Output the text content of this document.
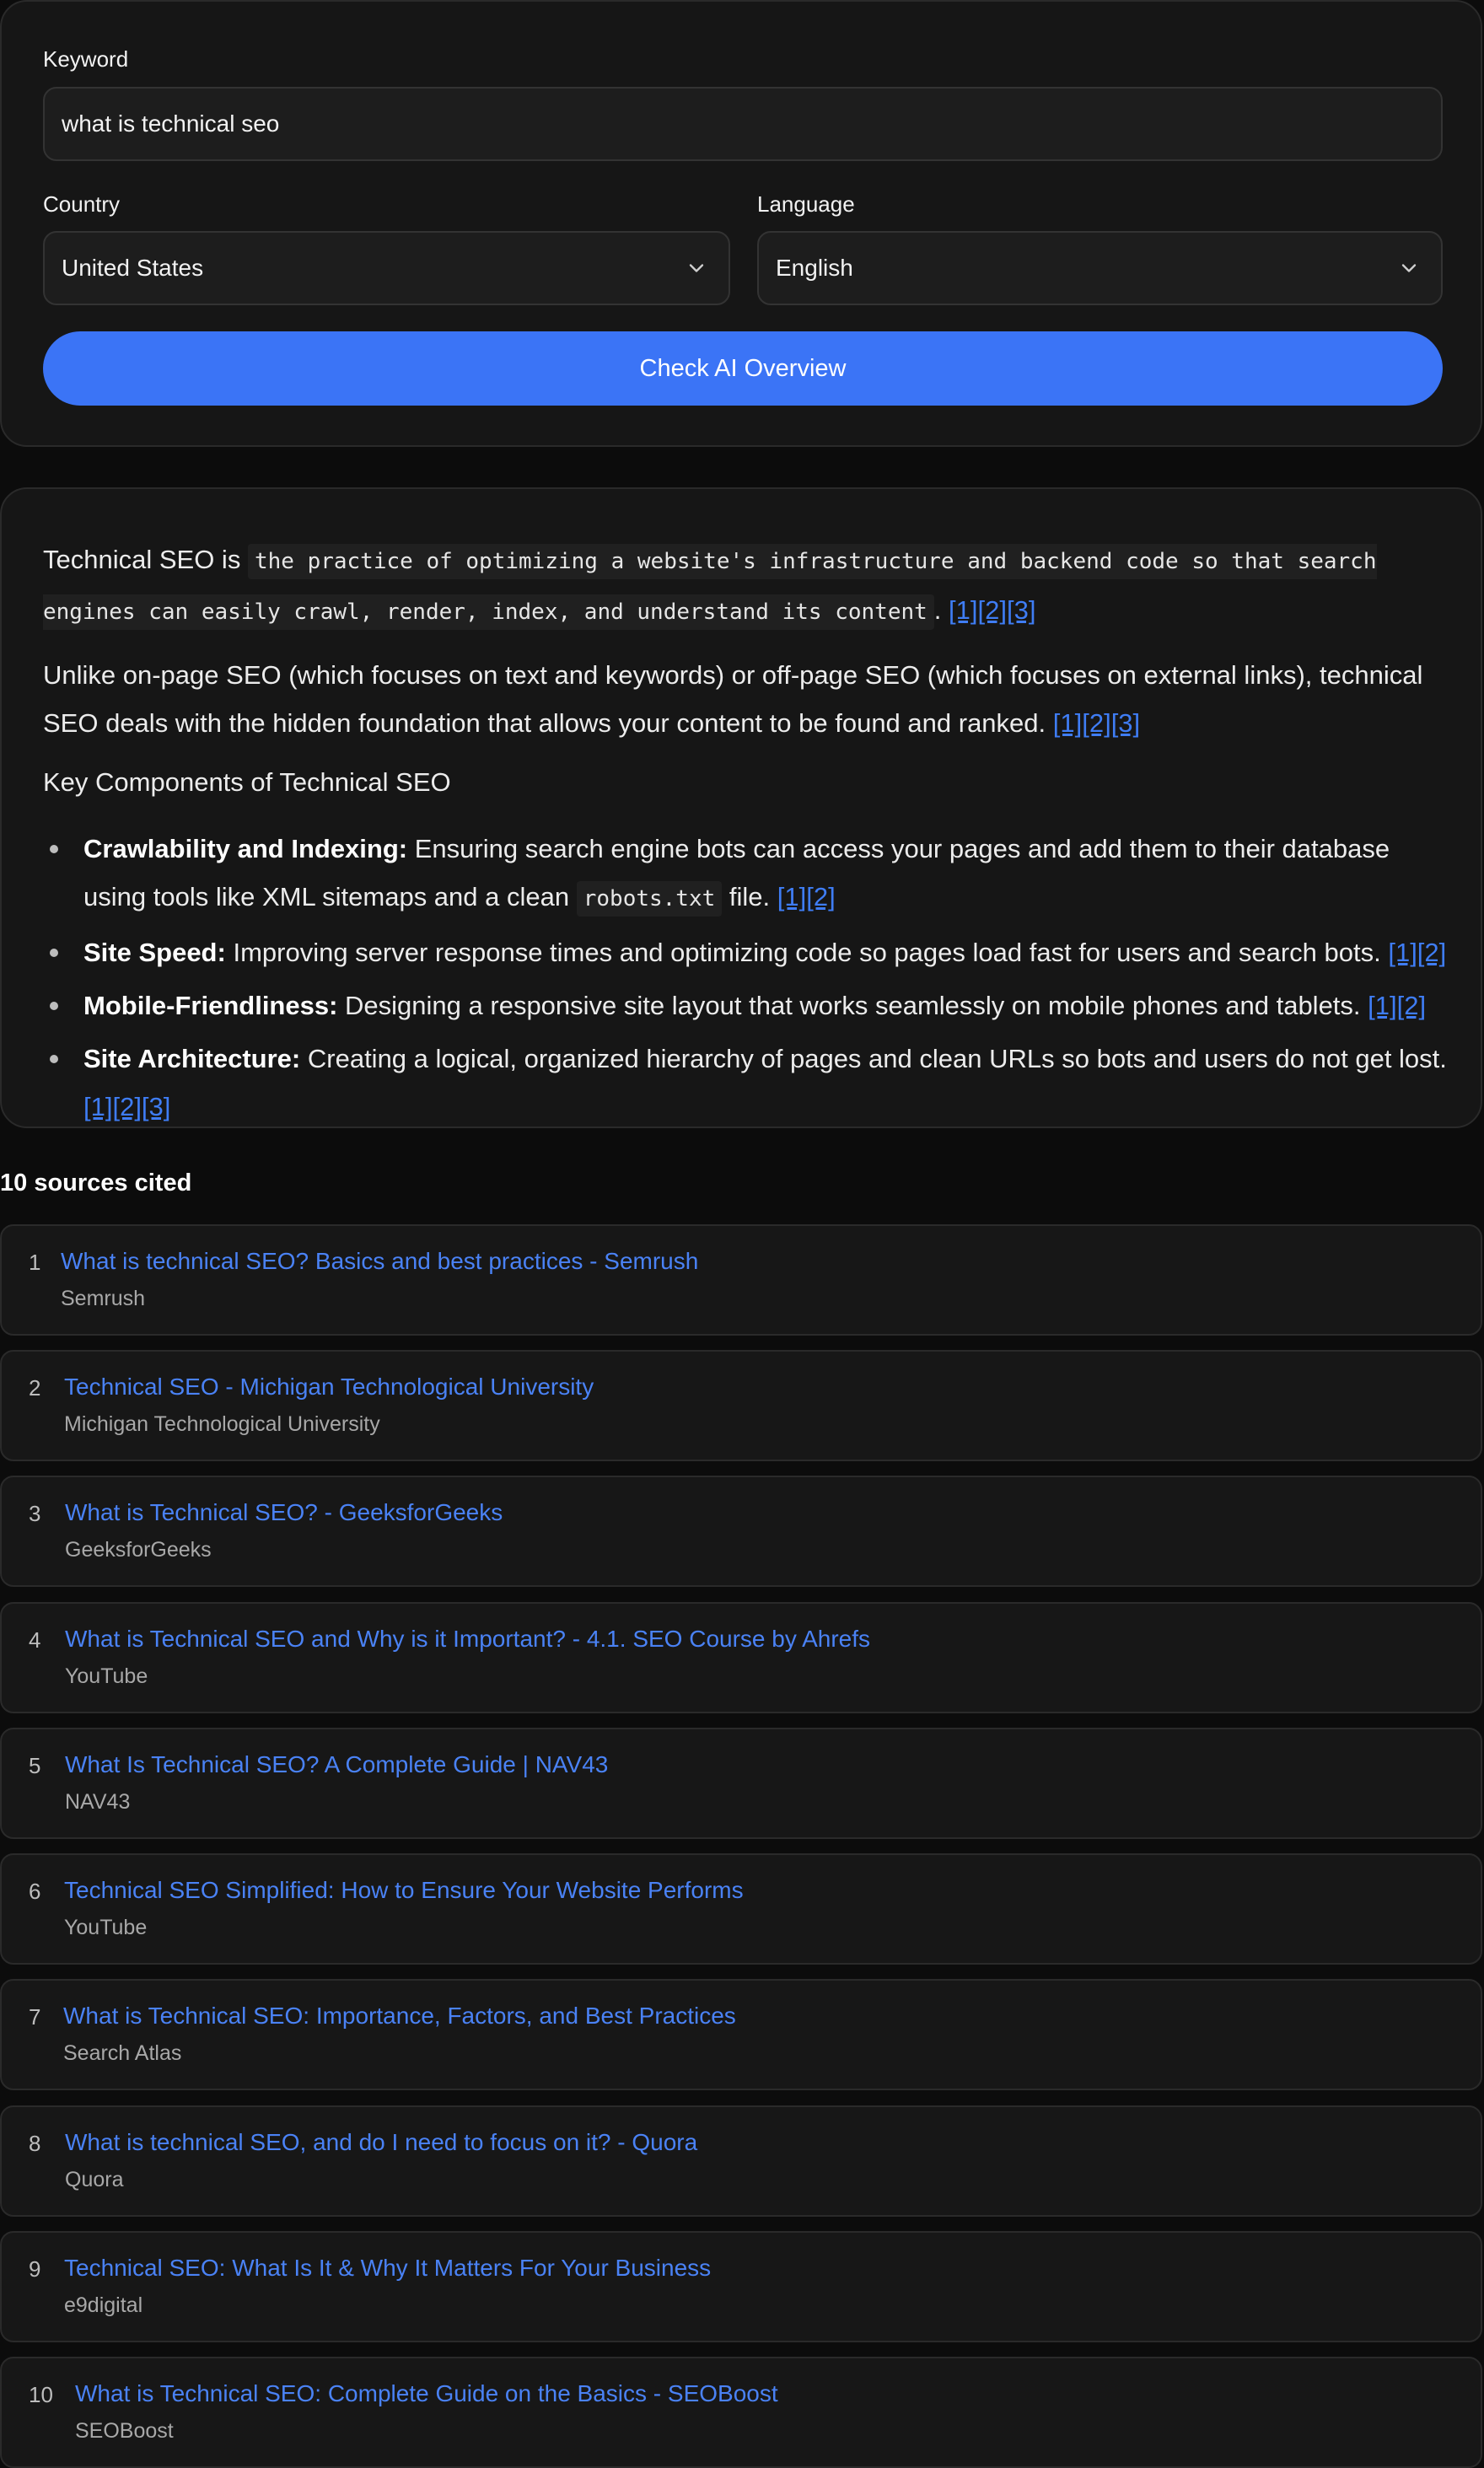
Keyword
what is technical seo
Country
United States
Language
English
Check AI Overview

Technical SEO is the practice of optimizing a website's infrastructure and backend code so that search engines can easily crawl, render, index, and understand its content . [1][2][3]

Unlike on-page SEO (which focuses on text and keywords) or off-page SEO (which focuses on external links), technical SEO deals with the hidden foundation that allows your content to be found and ranked. [1][2][3]

Key Components of Technical SEO
Crawlability and Indexing: Ensuring search engine bots can access your pages and add them to their database using tools like XML sitemaps and a clean robots.txt file. [1][2]
Site Speed: Improving server response times and optimizing code so pages load fast for users and search bots. [1][2]
Mobile-Friendliness: Designing a responsive site layout that works seamlessly on mobile phones and tablets. [1][2]
Site Architecture: Creating a logical, organized hierarchy of pages and clean URLs so bots and users do not get lost. [1][2][3]
10 sources cited
1 What is technical SEO? Basics and best practices - Semrush
Semrush
2 Technical SEO - Michigan Technological University
Michigan Technological University
3 What is Technical SEO? - GeeksforGeeks
GeeksforGeeks
4 What is Technical SEO and Why is it Important? - 4.1. SEO Course by Ahrefs
YouTube
5 What Is Technical SEO? A Complete Guide | NAV43
NAV43
6 Technical SEO Simplified: How to Ensure Your Website Performs
YouTube
7 What is Technical SEO: Importance, Factors, and Best Practices
Search Atlas
8 What is technical SEO, and do I need to focus on it? - Quora
Quora
9 Technical SEO: What Is It & Why It Matters For Your Business
e9digital
10 What is Technical SEO: Complete Guide on the Basics - SEOBoost
SEOBoost
